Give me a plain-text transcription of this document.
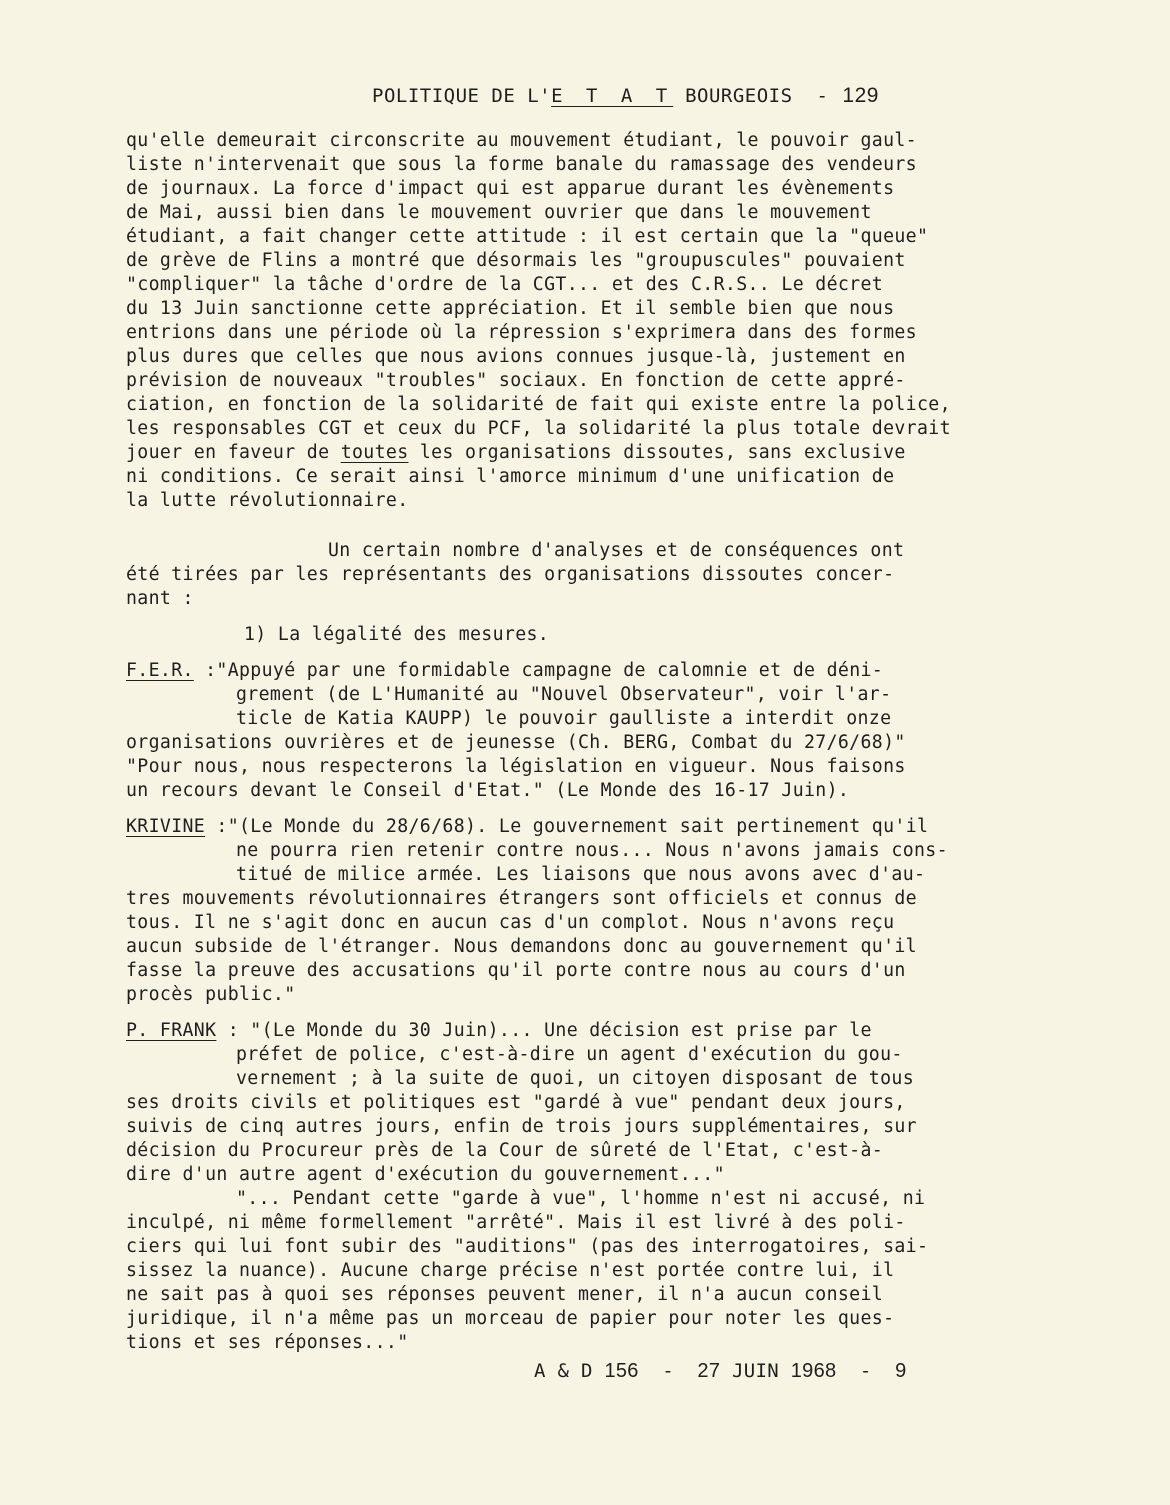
POLITIQUE DE L'E T A T BOURGEOIS  - 129
qu'elle demeurait circonscrite au mouvement étudiant, le pouvoir gaul-
liste n'intervenait que sous la forme banale du ramassage des vendeurs
de journaux. La force d'impact qui est apparue durant les évènements
de Mai, aussi bien dans le mouvement ouvrier que dans le mouvement
étudiant, a fait changer cette attitude : il est certain que la "queue"
de grève de Flins a montré que désormais les "groupuscules" pouvaient
"compliquer" la tâche d'ordre de la CGT... et des C.R.S.. Le décret
du 13 Juin sanctionne cette appréciation. Et il semble bien que nous
entrions dans une période où la répression s'exprimera dans des formes
plus dures que celles que nous avions connues jusque-là, justement en
prévision de nouveaux "troubles" sociaux. En fonction de cette appré-
ciation, en fonction de la solidarité de fait qui existe entre la police,
les responsables CGT et ceux du PCF, la solidarité la plus totale devrait
jouer en faveur de toutes les organisations dissoutes, sans exclusive
ni conditions. Ce serait ainsi l'amorce minimum d'une unification de
la lutte révolutionnaire.
Un certain nombre d'analyses et de conséquences ont
été tirées par les représentants des organisations dissoutes concer-
nant :
1) La légalité des mesures.
F.E.R. :"Appuyé par une formidable campagne de calomnie et de déni-
grement (de L'Humanité au "Nouvel Observateur", voir l'ar-
ticle de Katia KAUPP) le pouvoir gaulliste a interdit onze
organisations ouvrières et de jeunesse (Ch. BERG, Combat du 27/6/68)"
"Pour nous, nous respecterons la législation en vigueur. Nous faisons
un recours devant le Conseil d'Etat." (Le Monde des 16-17 Juin).
KRIVINE :"(Le Monde du 28/6/68). Le gouvernement sait pertinement qu'il
ne pourra rien retenir contre nous... Nous n'avons jamais cons-
titué de milice armée. Les liaisons que nous avons avec d'au-
tres mouvements révolutionnaires étrangers sont officiels et connus de
tous. Il ne s'agit donc en aucun cas d'un complot. Nous n'avons reçu
aucun subside de l'étranger. Nous demandons donc au gouvernement qu'il
fasse la preuve des accusations qu'il porte contre nous au cours d'un
procès public."
P. FRANK : "(Le Monde du 30 Juin)... Une décision est prise par le
préfet de police, c'est-à-dire un agent d'exécution du gou-
vernement ; à la suite de quoi, un citoyen disposant de tous
ses droits civils et politiques est "gardé à vue" pendant deux jours,
suivis de cinq autres jours, enfin de trois jours supplémentaires, sur
décision du Procureur près de la Cour de sûreté de l'Etat, c'est-à-
dire d'un autre agent d'exécution du gouvernement..."
"... Pendant cette "garde à vue", l'homme n'est ni accusé, ni
inculpé, ni même formellement "arrêté". Mais il est livré à des poli-
ciers qui lui font subir des "auditions" (pas des interrogatoires, sai-
sissez la nuance). Aucune charge précise n'est portée contre lui, il
ne sait pas à quoi ses réponses peuvent mener, il n'a aucun conseil
juridique, il n'a même pas un morceau de papier pour noter les ques-
tions et ses réponses..."
A & D 156  -  27 JUIN 1968  -  9
